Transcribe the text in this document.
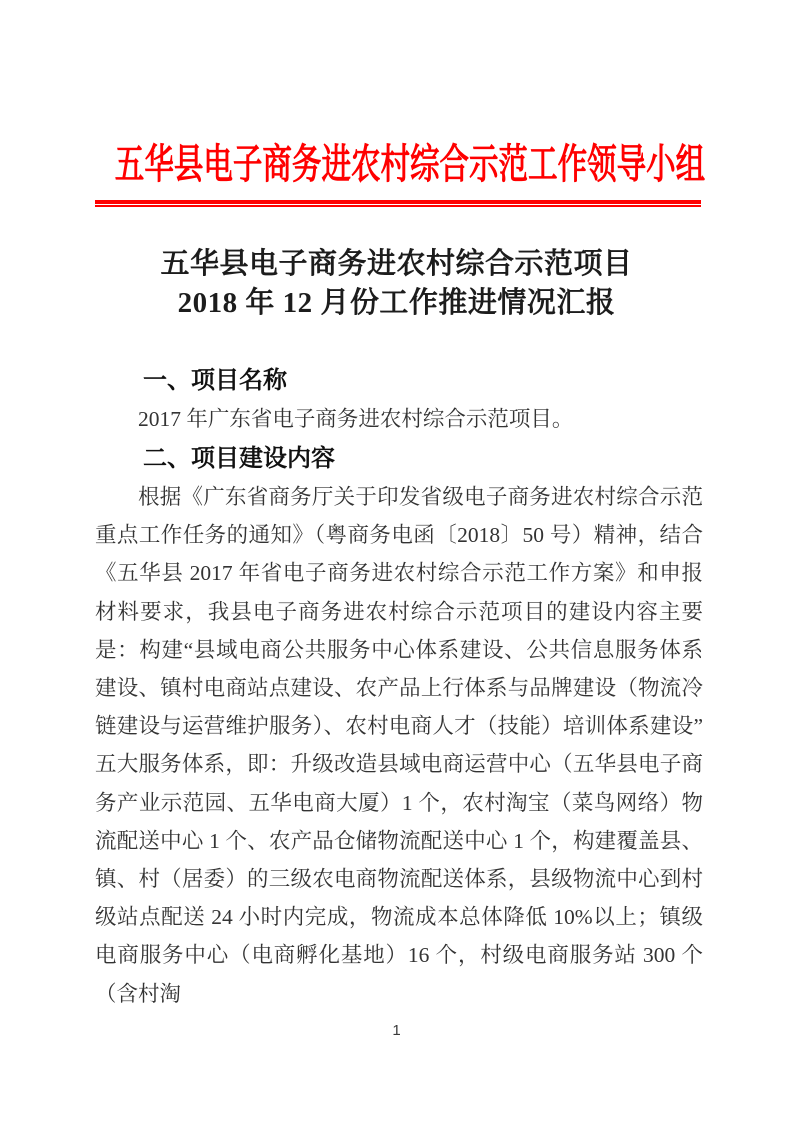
五华县电子商务进农村综合示范工作领导小组
五华县电子商务进农村综合示范项目
2018 年 12 月份工作推进情况汇报
一、项目名称

2017 年广东省电子商务进农村综合示范项目。

二、项目建设内容

根据《广东省商务厅关于印发省级电子商务进农村综合示范重点工作任务的通知》（粤商务电函〔2018〕50 号）精神，结合《五华县 2017 年省电子商务进农村综合示范工作方案》和申报材料要求，我县电子商务进农村综合示范项目的建设内容主要是：构建“县域电商公共服务中心体系建设、公共信息服务体系建设、镇村电商站点建设、农产品上行体系与品牌建设（物流冷链建设与运营维护服务）、农村电商人才（技能）培训体系建设”五大服务体系，即：升级改造县域电商运营中心（五华县电子商务产业示范园、五华电商大厦）1 个，农村淘宝（菜鸟网络）物流配送中心 1 个、农产品仓储物流配送中心 1 个，构建覆盖县、镇、村（居委）的三级农电商物流配送体系，县级物流中心到村级站点配送 24 小时内完成，物流成本总体降低 10%以上；镇级电商服务中心（电商孵化基地）16 个，村级电商服务站 300 个（含村淘

1
